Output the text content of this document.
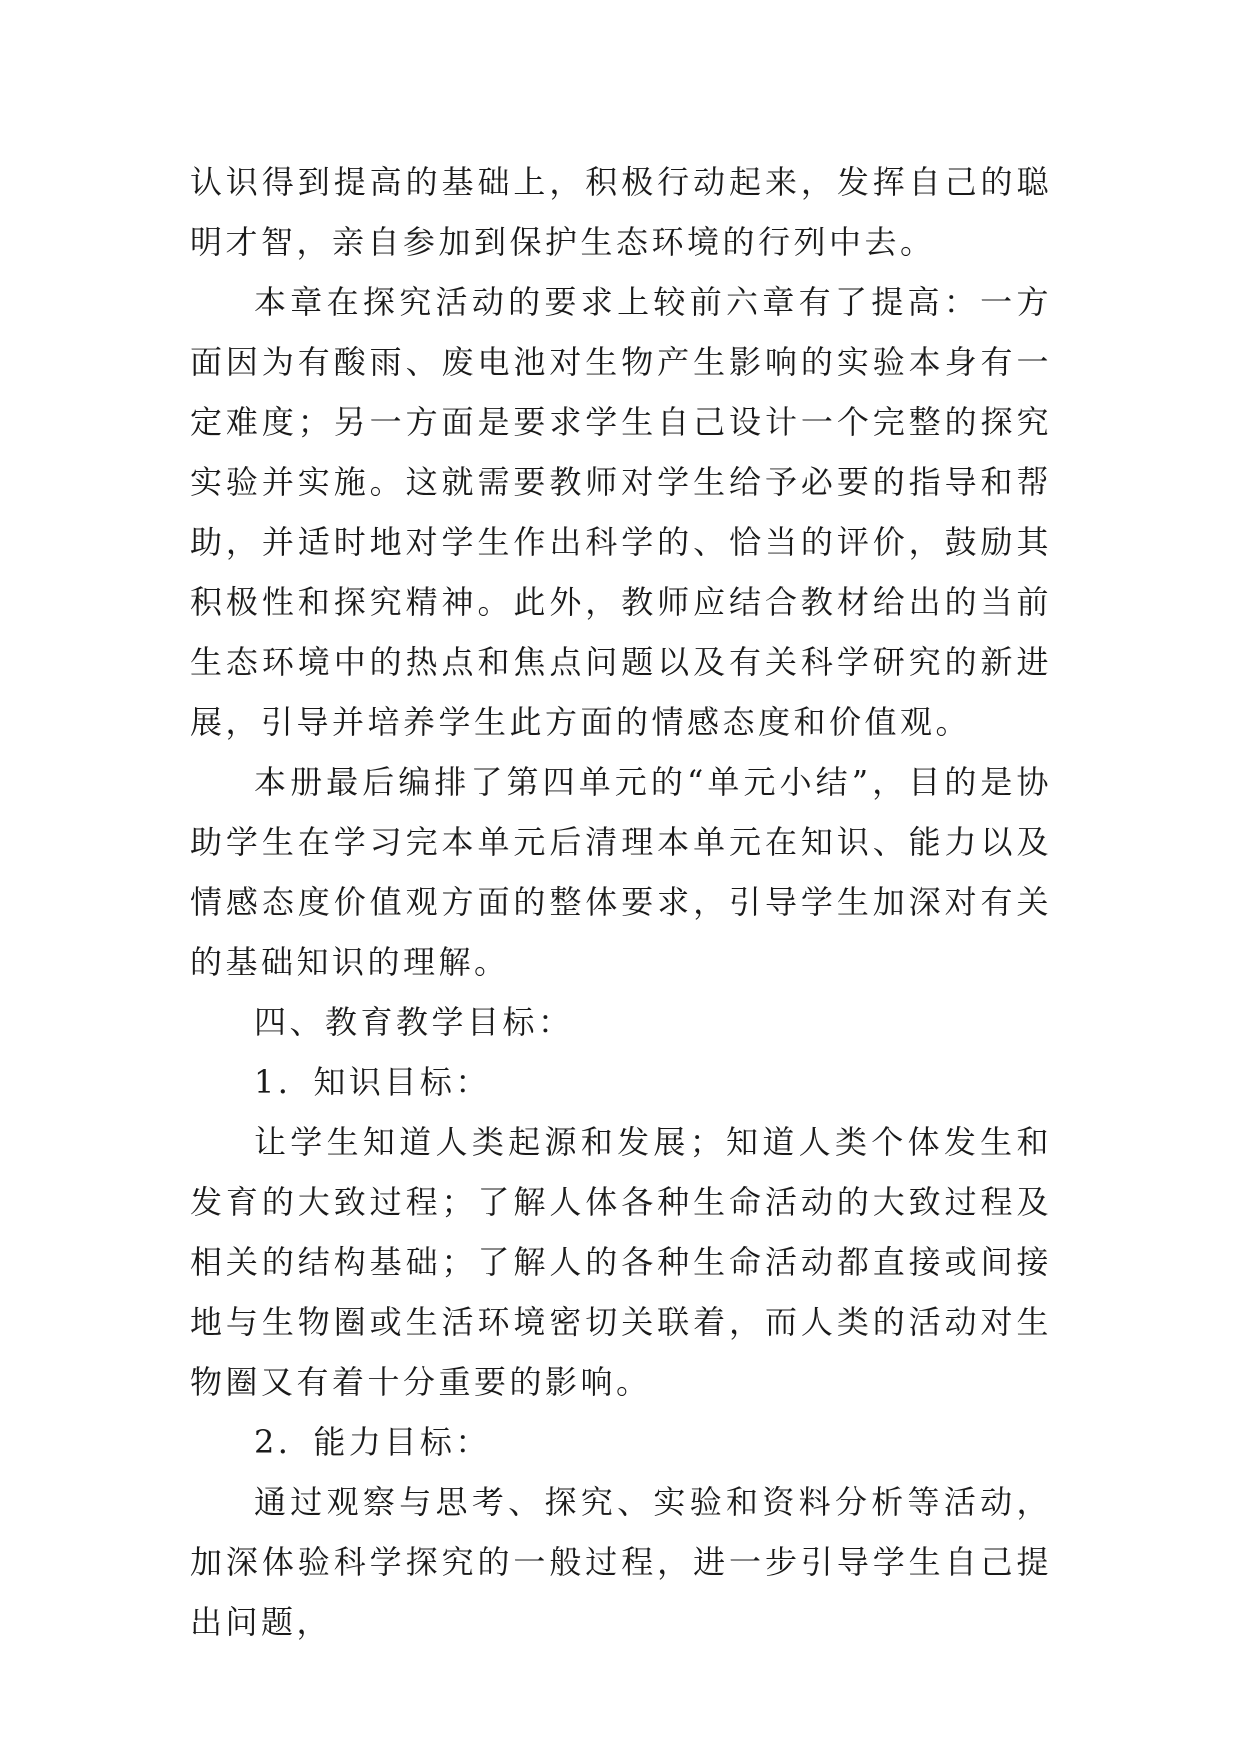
认识得到提高的基础上，积极行动起来，发挥自己的聪明才智，亲自参加到保护生态环境的行列中去。

本章在探究活动的要求上较前六章有了提高：一方面因为有酸雨、废电池对生物产生影响的实验本身有一定难度；另一方面是要求学生自己设计一个完整的探究实验并实施。这就需要教师对学生给予必要的指导和帮助，并适时地对学生作出科学的、恰当的评价，鼓励其积极性和探究精神。此外，教师应结合教材给出的当前生态环境中的热点和焦点问题以及有关科学研究的新进展，引导并培养学生此方面的情感态度和价值观。

本册最后编排了第四单元的“单元小结”，目的是协助学生在学习完本单元后清理本单元在知识、能力以及情感态度价值观方面的整体要求，引导学生加深对有关的基础知识的理解。

四、教育教学目标：

1．知识目标：

让学生知道人类起源和发展；知道人类个体发生和发育的大致过程；了解人体各种生命活动的大致过程及相关的结构基础；了解人的各种生命活动都直接或间接地与生物圈或生活环境密切关联着，而人类的活动对生物圈又有着十分重要的影响。

2．能力目标：

通过观察与思考、探究、实验和资料分析等活动，加深体验科学探究的一般过程，进一步引导学生自己提出问题，
